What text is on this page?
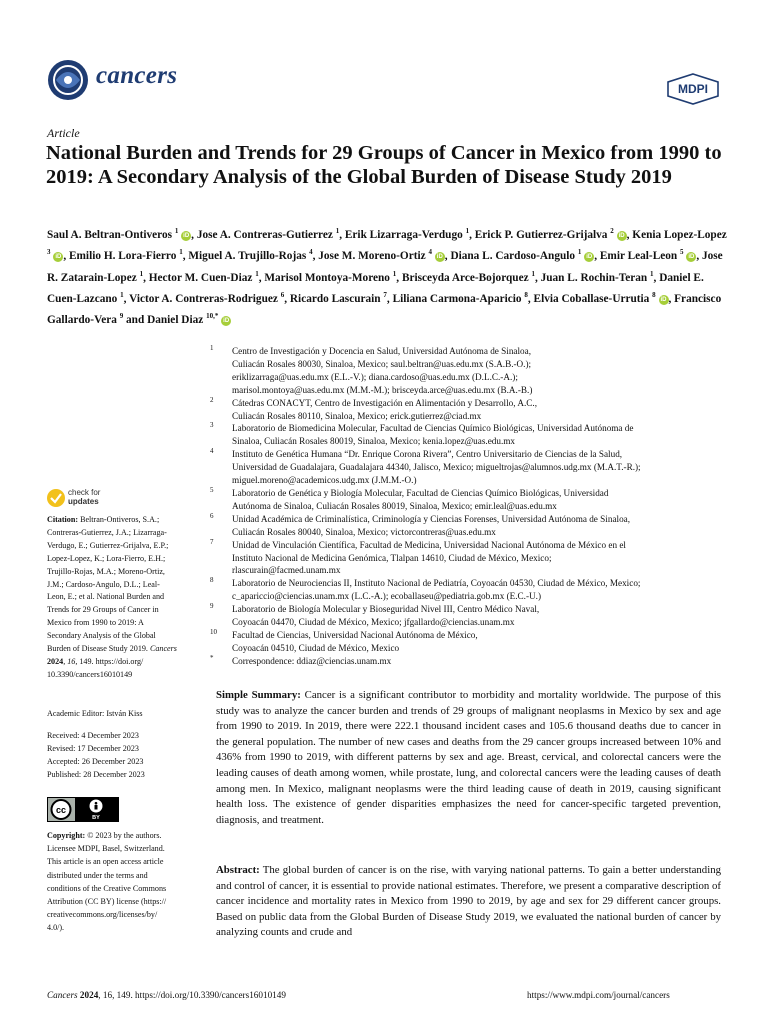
cancers	MDPI
Article
National Burden and Trends for 29 Groups of Cancer in Mexico from 1990 to 2019: A Secondary Analysis of the Global Burden of Disease Study 2019
Saul A. Beltran-Ontiveros $^1$ iD , Jose A. Contreras-Gutierrez $^1$, Erik Lizarraga-Verdugo $^1$, Erick P. Gutierrez-Grijalva $^2$ iD , Kenia Lopez-Lopez $^3$ iD , Emilio H. Lora-Fierro $^1$, Miguel A. Trujillo-Rojas $^4$, Jose M. Moreno-Ortiz $^4$ iD , Diana L. Cardoso-Angulo $^1$ iD , Emir Leal-Leon $^5$ iD , Jose R. Zatarain-Lopez $^1$, Hector M. Cuen-Diaz $^1$, Marisol Montoya-Moreno $^1$, Brisceyda Arce-Bojorquez $^1$, Juan L. Rochin-Teran $^1$, Daniel E. Cuen-Lazcano $^1$, Victor A. Contreras-Rodriguez $^6$, Ricardo Lascurain $^7$, Liliana Carmona-Aparicio $^8$, Elvia Coballase-Urrutia $^8$ iD , Francisco Gallardo-Vera $^9$ and Daniel Diaz $^{10,*}$ iD
1 Centro de Investigación y Docencia en Salud, Universidad Autónoma de Sinaloa,
Culiacán Rosales 80030, Sinaloa, Mexico; saul.beltran@uas.edu.mx (S.A.B.-O.);
eriklizarraga@uas.edu.mx (E.L.-V.); diana.cardoso@uas.edu.mx (D.L.C.-A.);
marisol.montoya@uas.edu.mx (M.M.-M.); brisceyda.arce@uas.edu.mx (B.A.-B.)
2 Cátedras CONACYT, Centro de Investigación en Alimentación y Desarrollo, A.C.,
Culiacán Rosales 80110, Sinaloa, Mexico; erick.gutierrez@ciad.mx
3 Laboratorio de Biomedicina Molecular, Facultad de Ciencias Químico Biológicas, Universidad Autónoma de
Sinaloa, Culiacán Rosales 80019, Sinaloa, Mexico; kenia.lopez@uas.edu.mx
4 Instituto de Genética Humana “Dr. Enrique Corona Rivera”, Centro Universitario de Ciencias de la Salud,
Universidad de Guadalajara, Guadalajara 44340, Jalisco, Mexico; migueltrojas@alumnos.udg.mx (M.A.T.-R.);
miguel.moreno@academicos.udg.mx (J.M.M.-O.)
5 Laboratorio de Genética y Biología Molecular, Facultad de Ciencias Químico Biológicas, Universidad
Autónoma de Sinaloa, Culiacán Rosales 80019, Sinaloa, Mexico; emir.leal@uas.edu.mx
6 Unidad Académica de Criminalística, Criminología y Ciencias Forenses, Universidad Autónoma de Sinaloa,
Culiacán Rosales 80040, Sinaloa, Mexico; victorcontreras@uas.edu.mx
7 Unidad de Vinculación Científica, Facultad de Medicina, Universidad Nacional Autónoma de México en el
Instituto Nacional de Medicina Genómica, Tlalpan 14610, Ciudad de México, Mexico;
rlascurain@facmed.unam.mx
8 Laboratorio de Neurociencias II, Instituto Nacional de Pediatría, Coyoacán 04530, Ciudad de México, Mexico;
c_apariccio@ciencias.unam.mx (L.C.-A.); ecoballaseu@pediatria.gob.mx (E.C.-U.)
9 Laboratorio de Biología Molecular y Bioseguridad Nivel III, Centro Médico Naval,
Coyoacán 04470, Ciudad de México, Mexico; jfgallardo@ciencias.unam.mx
10 Facultad de Ciencias, Universidad Nacional Autónoma de México,
Coyoacán 04510, Ciudad de México, Mexico
* Correspondence: ddiaz@ciencias.unam.mx
check for
updates
Citation: Beltran-Ontiveros, S.A.;
Contreras-Gutierrez, J.A.; Lizarraga-
Verdugo, E.; Gutierrez-Grijalva, E.P.;
Lopez-Lopez, K.; Lora-Fierro, E.H.;
Trujillo-Rojas, M.A.; Moreno-Ortiz,
J.M.; Cardoso-Angulo, D.L.; Leal-
Leon, E.; et al. National Burden and
Trends for 29 Groups of Cancer in
Mexico from 1990 to 2019: A
Secondary Analysis of the Global
Burden of Disease Study 2019. Cancers
2024, 16, 149. https://doi.org/
10.3390/cancers16010149
Academic Editor: István Kiss
Received: 4 December 2023
Revised: 17 December 2023
Accepted: 26 December 2023
Published: 28 December 2023
cc
BY
Copyright: © 2023 by the authors.
Licensee MDPI, Basel, Switzerland.
This article is an open access article
distributed under the terms and
conditions of the Creative Commons
Attribution (CC BY) license (https://
creativecommons.org/licenses/by/
4.0/).
Simple Summary: Cancer is a significant contributor to morbidity and mortality worldwide. The purpose of this study was to analyze the cancer burden and trends of 29 groups of malignant neoplasms in Mexico by sex and age from 1990 to 2019. In 2019, there were 222.1 thousand incident cases and 105.6 thousand deaths due to cancer in the general population. The number of new cases and deaths from the 29 cancer groups increased between 10% and 436% from 1990 to 2019, with different patterns by sex and age. Breast, cervical, and colorectal cancers were the leading causes of death among women, while prostate, lung, and colorectal cancers were the leading causes of death among men. In Mexico, malignant neoplasms were the third leading cause of death in 2019, causing significant health loss. The existence of gender disparities emphasizes the need for cancer-specific targeted prevention, diagnosis, and treatment.
Abstract: The global burden of cancer is on the rise, with varying national patterns. To gain a better understanding and control of cancer, it is essential to provide national estimates. Therefore, we present a comparative description of cancer incidence and mortality rates in Mexico from 1990 to 2019, by age and sex for 29 different cancer groups. Based on public data from the Global Burden of Disease Study 2019, we evaluated the national burden of cancer by analyzing counts and crude and
Cancers 2024, 16, 149. https://doi.org/10.3390/cancers16010149	https://www.mdpi.com/journal/cancers
